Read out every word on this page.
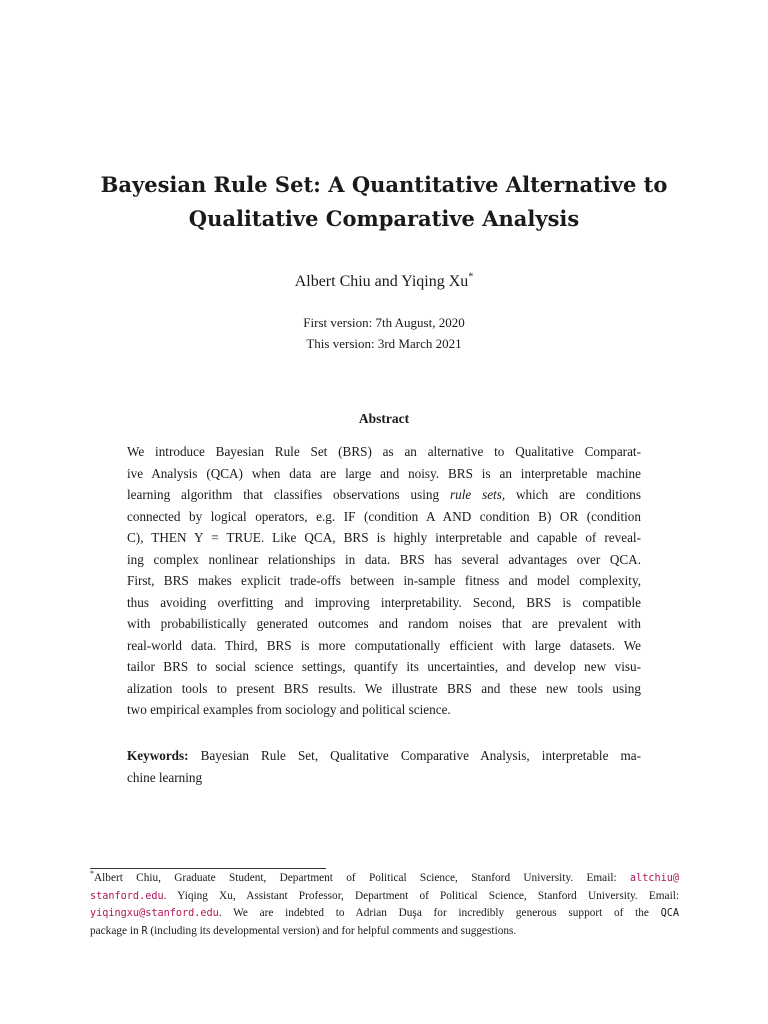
Bayesian Rule Set: A Quantitative Alternative to
Qualitative Comparative Analysis
Albert Chiu and Yiqing Xu*
First version: 7th August, 2020
This version: 3rd March 2021
Abstract
We introduce Bayesian Rule Set (BRS) as an alternative to Qualitative Comparat-
ive Analysis (QCA) when data are large and noisy. BRS is an interpretable machine
learning algorithm that classifies observations using rule sets, which are conditions
connected by logical operators, e.g. IF (condition A AND condition B) OR (condition
C), THEN Y = TRUE. Like QCA, BRS is highly interpretable and capable of reveal-
ing complex nonlinear relationships in data. BRS has several advantages over QCA.
First, BRS makes explicit trade-offs between in-sample fitness and model complexity,
thus avoiding overfitting and improving interpretability. Second, BRS is compatible
with probabilistically generated outcomes and random noises that are prevalent with
real-world data. Third, BRS is more computationally efficient with large datasets. We
tailor BRS to social science settings, quantify its uncertainties, and develop new visu-
alization tools to present BRS results. We illustrate BRS and these new tools using
two empirical examples from sociology and political science.
Keywords: Bayesian Rule Set, Qualitative Comparative Analysis, interpretable ma-
chine learning
*Albert Chiu, Graduate Student, Department of Political Science, Stanford University. Email: altchiu@
stanford.edu. Yiqing Xu, Assistant Professor, Department of Political Science, Stanford University. Email:
yiqingxu@stanford.edu. We are indebted to Adrian Duşa for incredibly generous support of the QCA
package in R (including its developmental version) and for helpful comments and suggestions.
